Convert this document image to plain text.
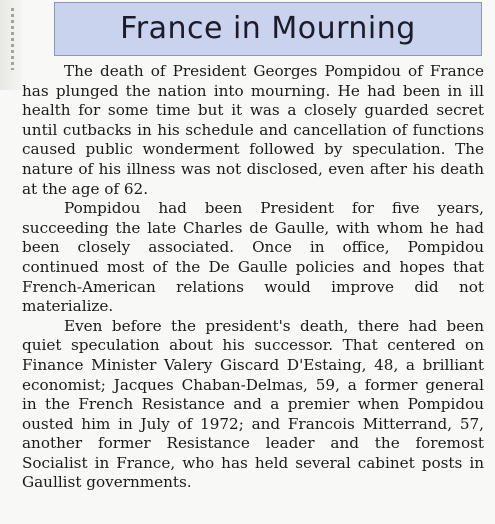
France in Mourning

The death of President Georges Pompidou of France has plunged the nation into mourning. He had been in ill health for some time but it was a closely guarded secret until cutbacks in his schedule and cancellation of functions caused public wonderment followed by speculation. The nature of his illness was not disclosed, even after his death at the age of 62.

Pompidou had been President for five years, succeeding the late Charles de Gaulle, with whom he had been closely associated. Once in office, Pompidou continued most of the De Gaulle policies and hopes that French-American relations would improve did not materialize.

Even before the president's death, there had been quiet speculation about his successor. That centered on Finance Minister Valery Giscard D'Estaing, 48, a brilliant economist; Jacques Chaban-Delmas, 59, a former general in the French Resistance and a premier when Pompidou ousted him in July of 1972; and Francois Mitterrand, 57, another former Resistance leader and the foremost Socialist in France, who has held several cabinet posts in Gaullist governments.
